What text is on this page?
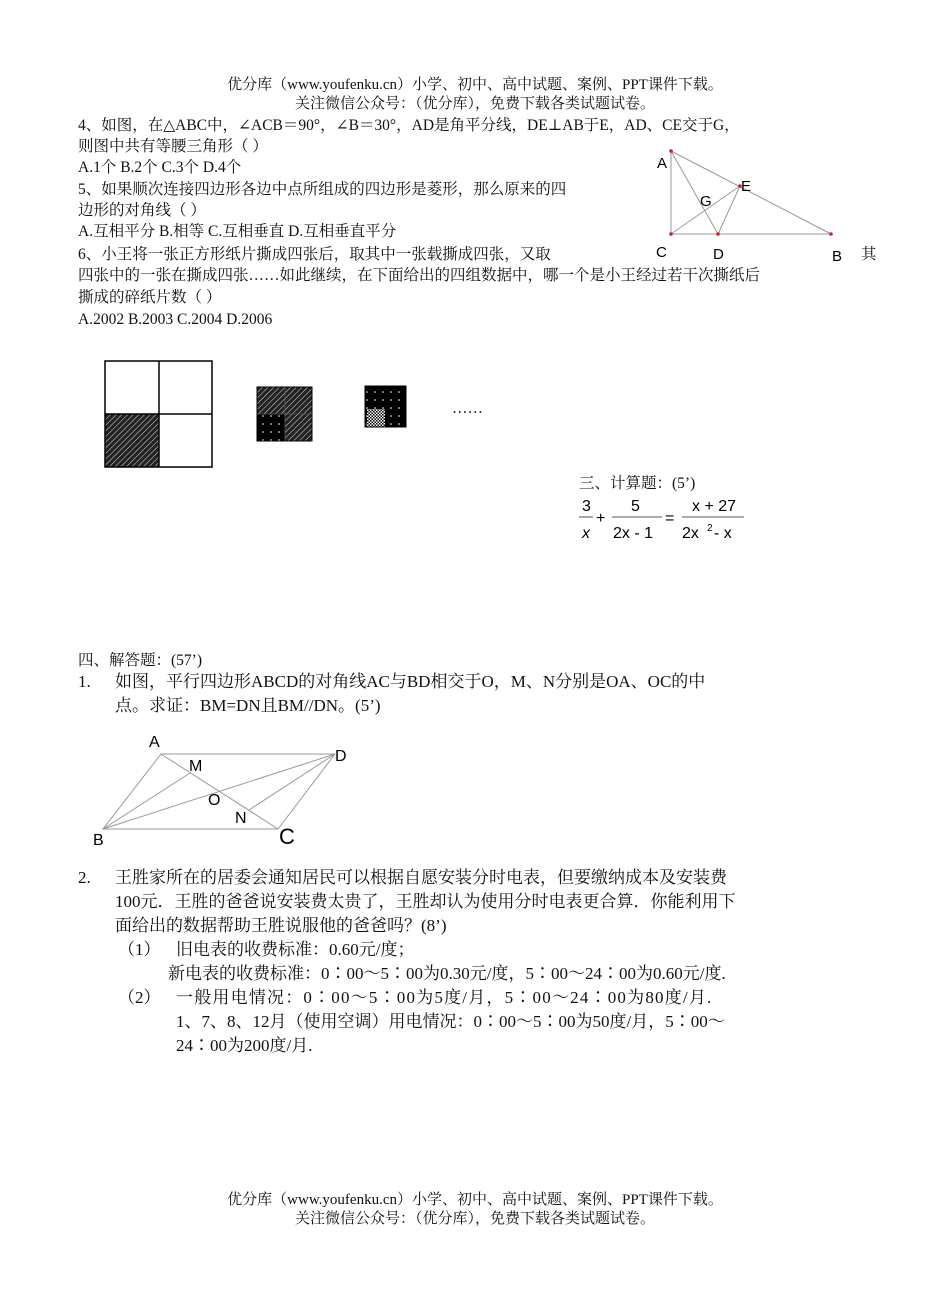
优分库（www.youfenku.cn）小学、初中、高中试题、案例、PPT课件下载。
关注微信公众号：（优分库），免费下载各类试题试卷。
4、如图，在△ABC中，∠ACB＝90°，∠B＝30°，AD是角平分线，DE⊥AB于E，AD、CE交于G，
则图中共有等腰三角形（ ）
A.1个 B.2个 C.3个 D.4个	A
G
E
C	D	B
5、如果顺次连接四边形各边中点所组成的四边形是菱形，那么原来的四
边形的对角线（ ）
A.互相平分 B.相等 C.互相垂直 D.互相垂直平分
6、小王将一张正方形纸片撕成四张后，取其中一张载撕成四张，又取	其
四张中的一张在撕成四张……如此继续，在下面给出的四组数据中，哪一个是小王经过若干次撕纸后
撕成的碎纸片数（ ）
A.2002 B.2003 C.2004 D.2006
……
三、计算题：(5’)
3
x
+
5
2x - 1
=
x + 27
2x 2 - x
四、解答题：(57’)
1. 如图，平行四边形ABCD的对角线AC与BD相交于O，M、N分别是OA、OC的中
点。求证：BM=DN且BM//DN。(5’)
A
D
M
O
N
B	C
2. 王胜家所在的居委会通知居民可以根据自愿安装分时电表，但要缴纳成本及安装费
100元．王胜的爸爸说安装费太贵了，王胜却认为使用分时电表更合算．你能利用下
面给出的数据帮助王胜说服他的爸爸吗？(8’)
（1） 旧电表的收费标准：0.60元/度；
新电表的收费标准：0∶00～5∶00为0.30元/度，5∶00～24∶00为0.60元/度.
（2） 一般用电情况：0∶00～5∶00为5度/月，5∶00～24∶00为80度/月.
1、7、8、12月（使用空调）用电情况：0∶00～5∶00为50度/月，5∶00～
24∶00为200度/月.
优分库（www.youfenku.cn）小学、初中、高中试题、案例、PPT课件下载。
关注微信公众号：（优分库），免费下载各类试题试卷。
